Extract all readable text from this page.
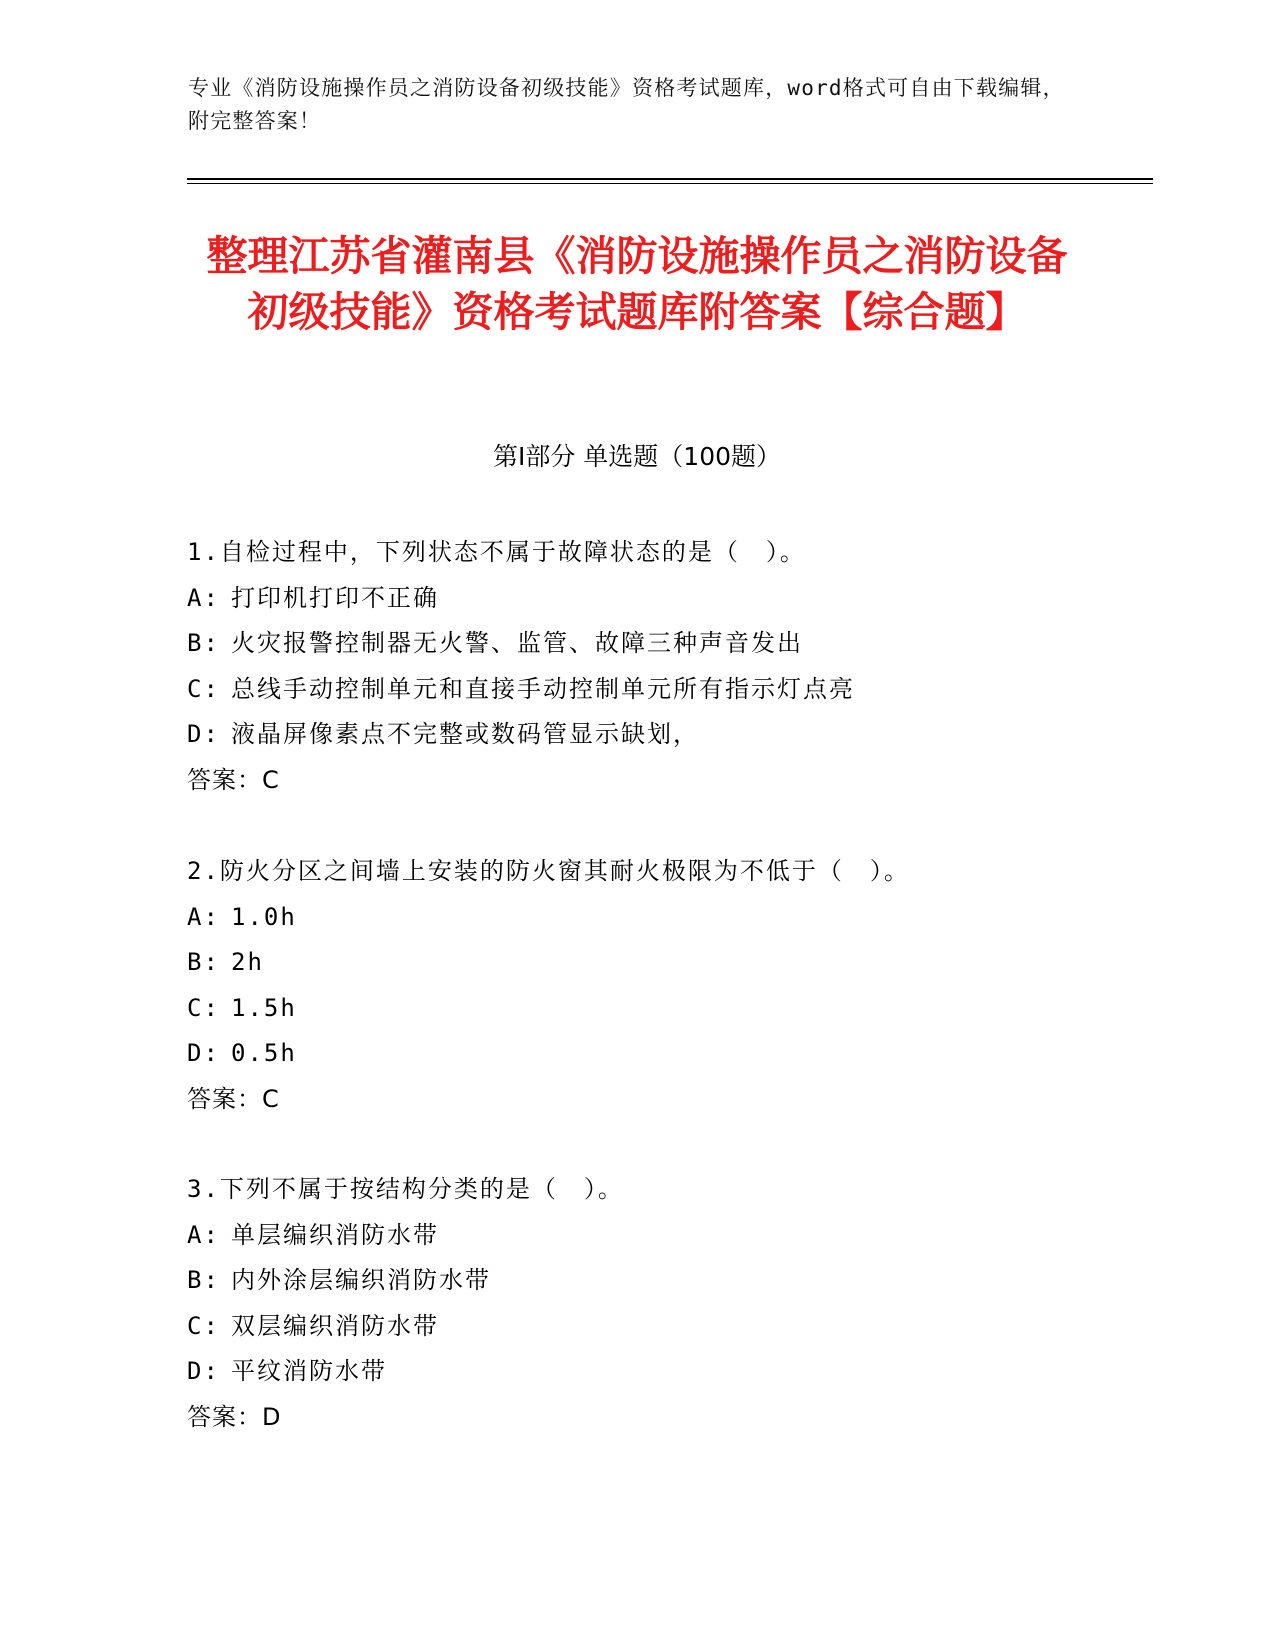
专业《消防设施操作员之消防设备初级技能》资格考试题库，word格式可自由下载编辑，附完整答案！
整理江苏省灌南县《消防设施操作员之消防设备初级技能》资格考试题库附答案【综合题】
第Ⅰ部分 单选题（100题）
1.自检过程中，下列状态不属于故障状态的是（　）。
A: 打印机打印不正确
B: 火灾报警控制器无火警、监管、故障三种声音发出
C: 总线手动控制单元和直接手动控制单元所有指示灯点亮
D: 液晶屏像素点不完整或数码管显示缺划，
答案：C
2.防火分区之间墙上安装的防火窗其耐火极限为不低于（　）。
A: 1.0h
B: 2h
C: 1.5h
D: 0.5h
答案：C
3.下列不属于按结构分类的是（　）。
A: 单层编织消防水带
B: 内外涂层编织消防水带
C: 双层编织消防水带
D: 平纹消防水带
答案：D
